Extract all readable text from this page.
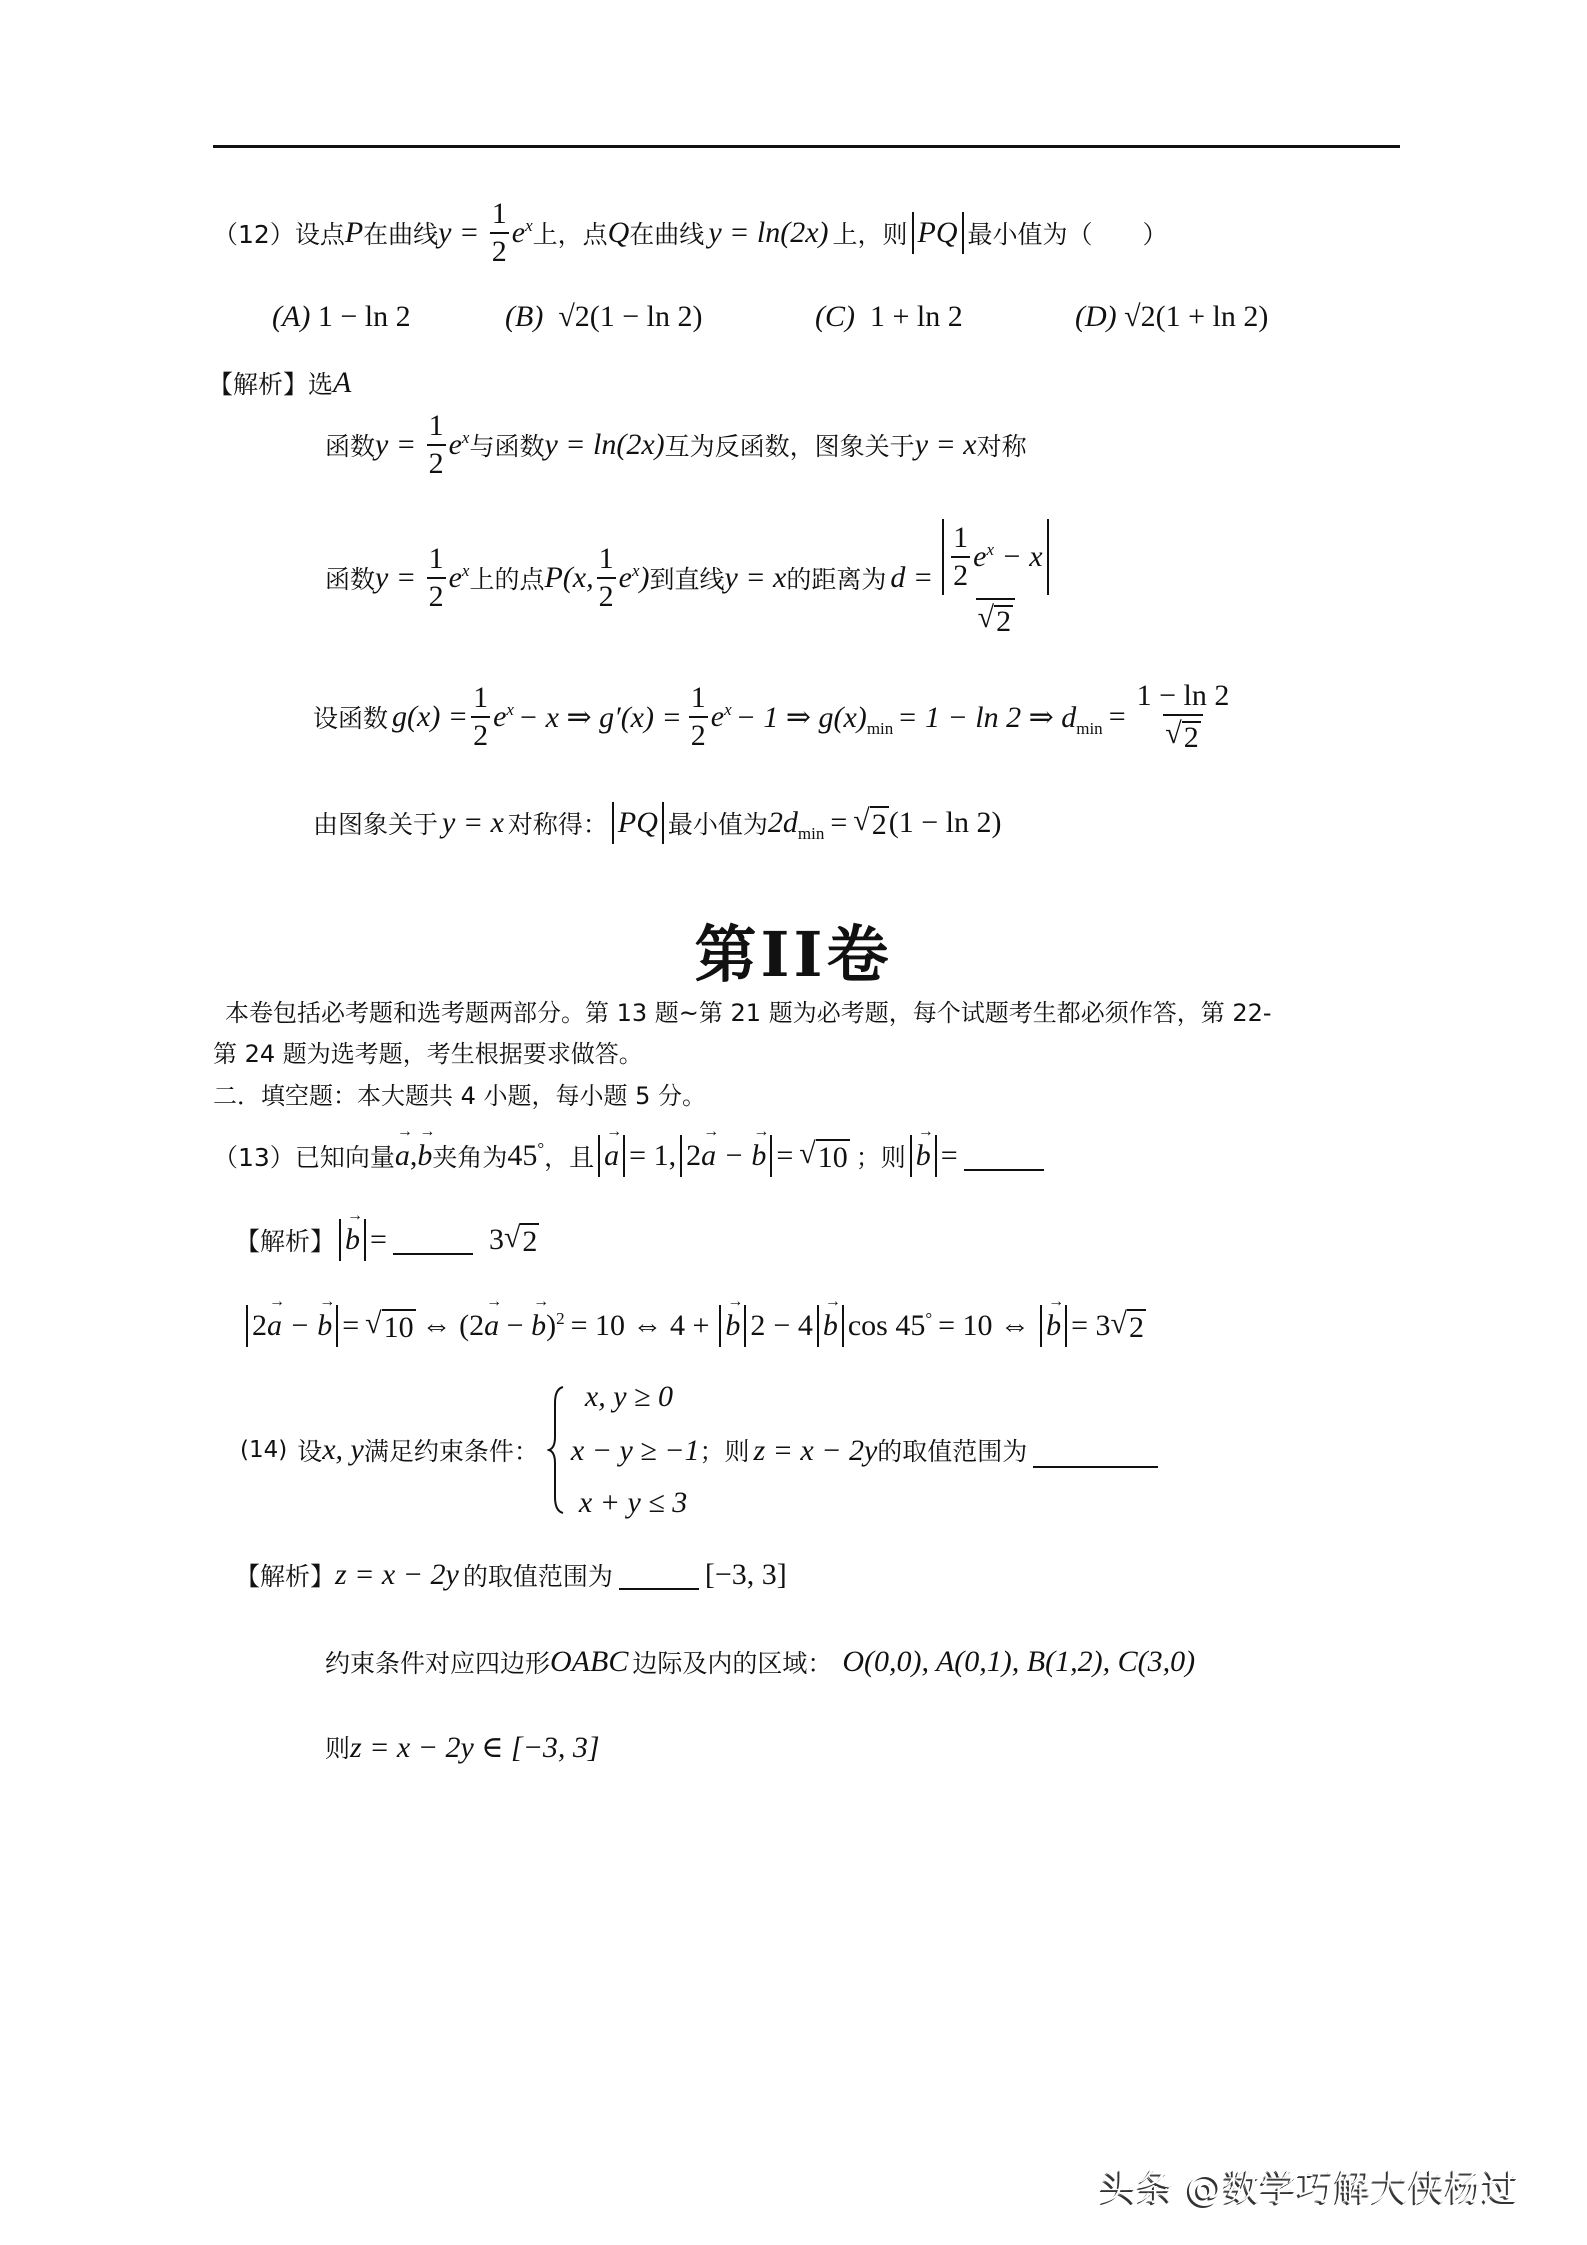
（12） 设点 P 在曲线 $y = \frac{1}{2} e^x$ 上，点 Q 在曲线 y = ln(2x) 上，则 PQ 最小值为（　　）
(A) 1 − ln 2	(B) √2(1 − ln 2)	(C) 1 + ln 2	(D) √2(1 + ln 2)
【解析】 选 A
函数 $y = \frac{1}{2} e^x$ 与函数 y = ln(2x) 互为反函数，图象关于 y = x 对称
函数 $y = \frac{1}{2} e^x$ 上的点 P(x, $\frac{1}{2} e^x$) 到直线 y = x 的距离为 $d = \frac{\frac{1}{2} e^x - x}{√ 2}$
设函数 $g(x) = \frac{1}{2} e^x - x$ ⇒ $g'(x) = \frac{1}{2} e^x - 1$ ⇒ $g(x)_{min} = 1 - \ln 2$ ⇒ $d_{min} = \frac{1 - \ln 2}{√ 2}$
由图象关于 y = x 对称得： PQ 最小值为 $2d_{min}$ = √ 2 (1 − ln 2)
第II卷
本卷包括必考题和选考题两部分。第 13 题~第 21 题为必考题，每个试题考生都必须作答，第 22-
第 24 题为选考题，考生根据要求做答。
二．填空题：本大题共 4 小题，每小题 5 分。
（13） 已知向量 → a , → b 夹角为 45° ，且 → a = 1, 2→ a − → b = √ 10 ；则 → b =
【解析】 → b =	3 √ 2
2→ a − → b = √ 10 ⇔ (2 → a − → b )$^2$ = 10 ⇔ 4 + → b 2 − 4 → b cos 45° = 10 ⇔ → b = 3 √ 2
(14) 设 x, y 满足约束条件：
x, y ≥ 0
x − y ≥ −1；则 z = x − 2y的取值范围为
x + y ≤ 3
【解析】 z = x − 2y 的取值范围为	[−3, 3]
约束条件对应四边形 OABC 边际及内的区域： O(0,0), A(0,1), B(1,2), C(3,0)
则 z = x − 2y ∈ [−3, 3]
头条 @数学巧解大侠杨过
